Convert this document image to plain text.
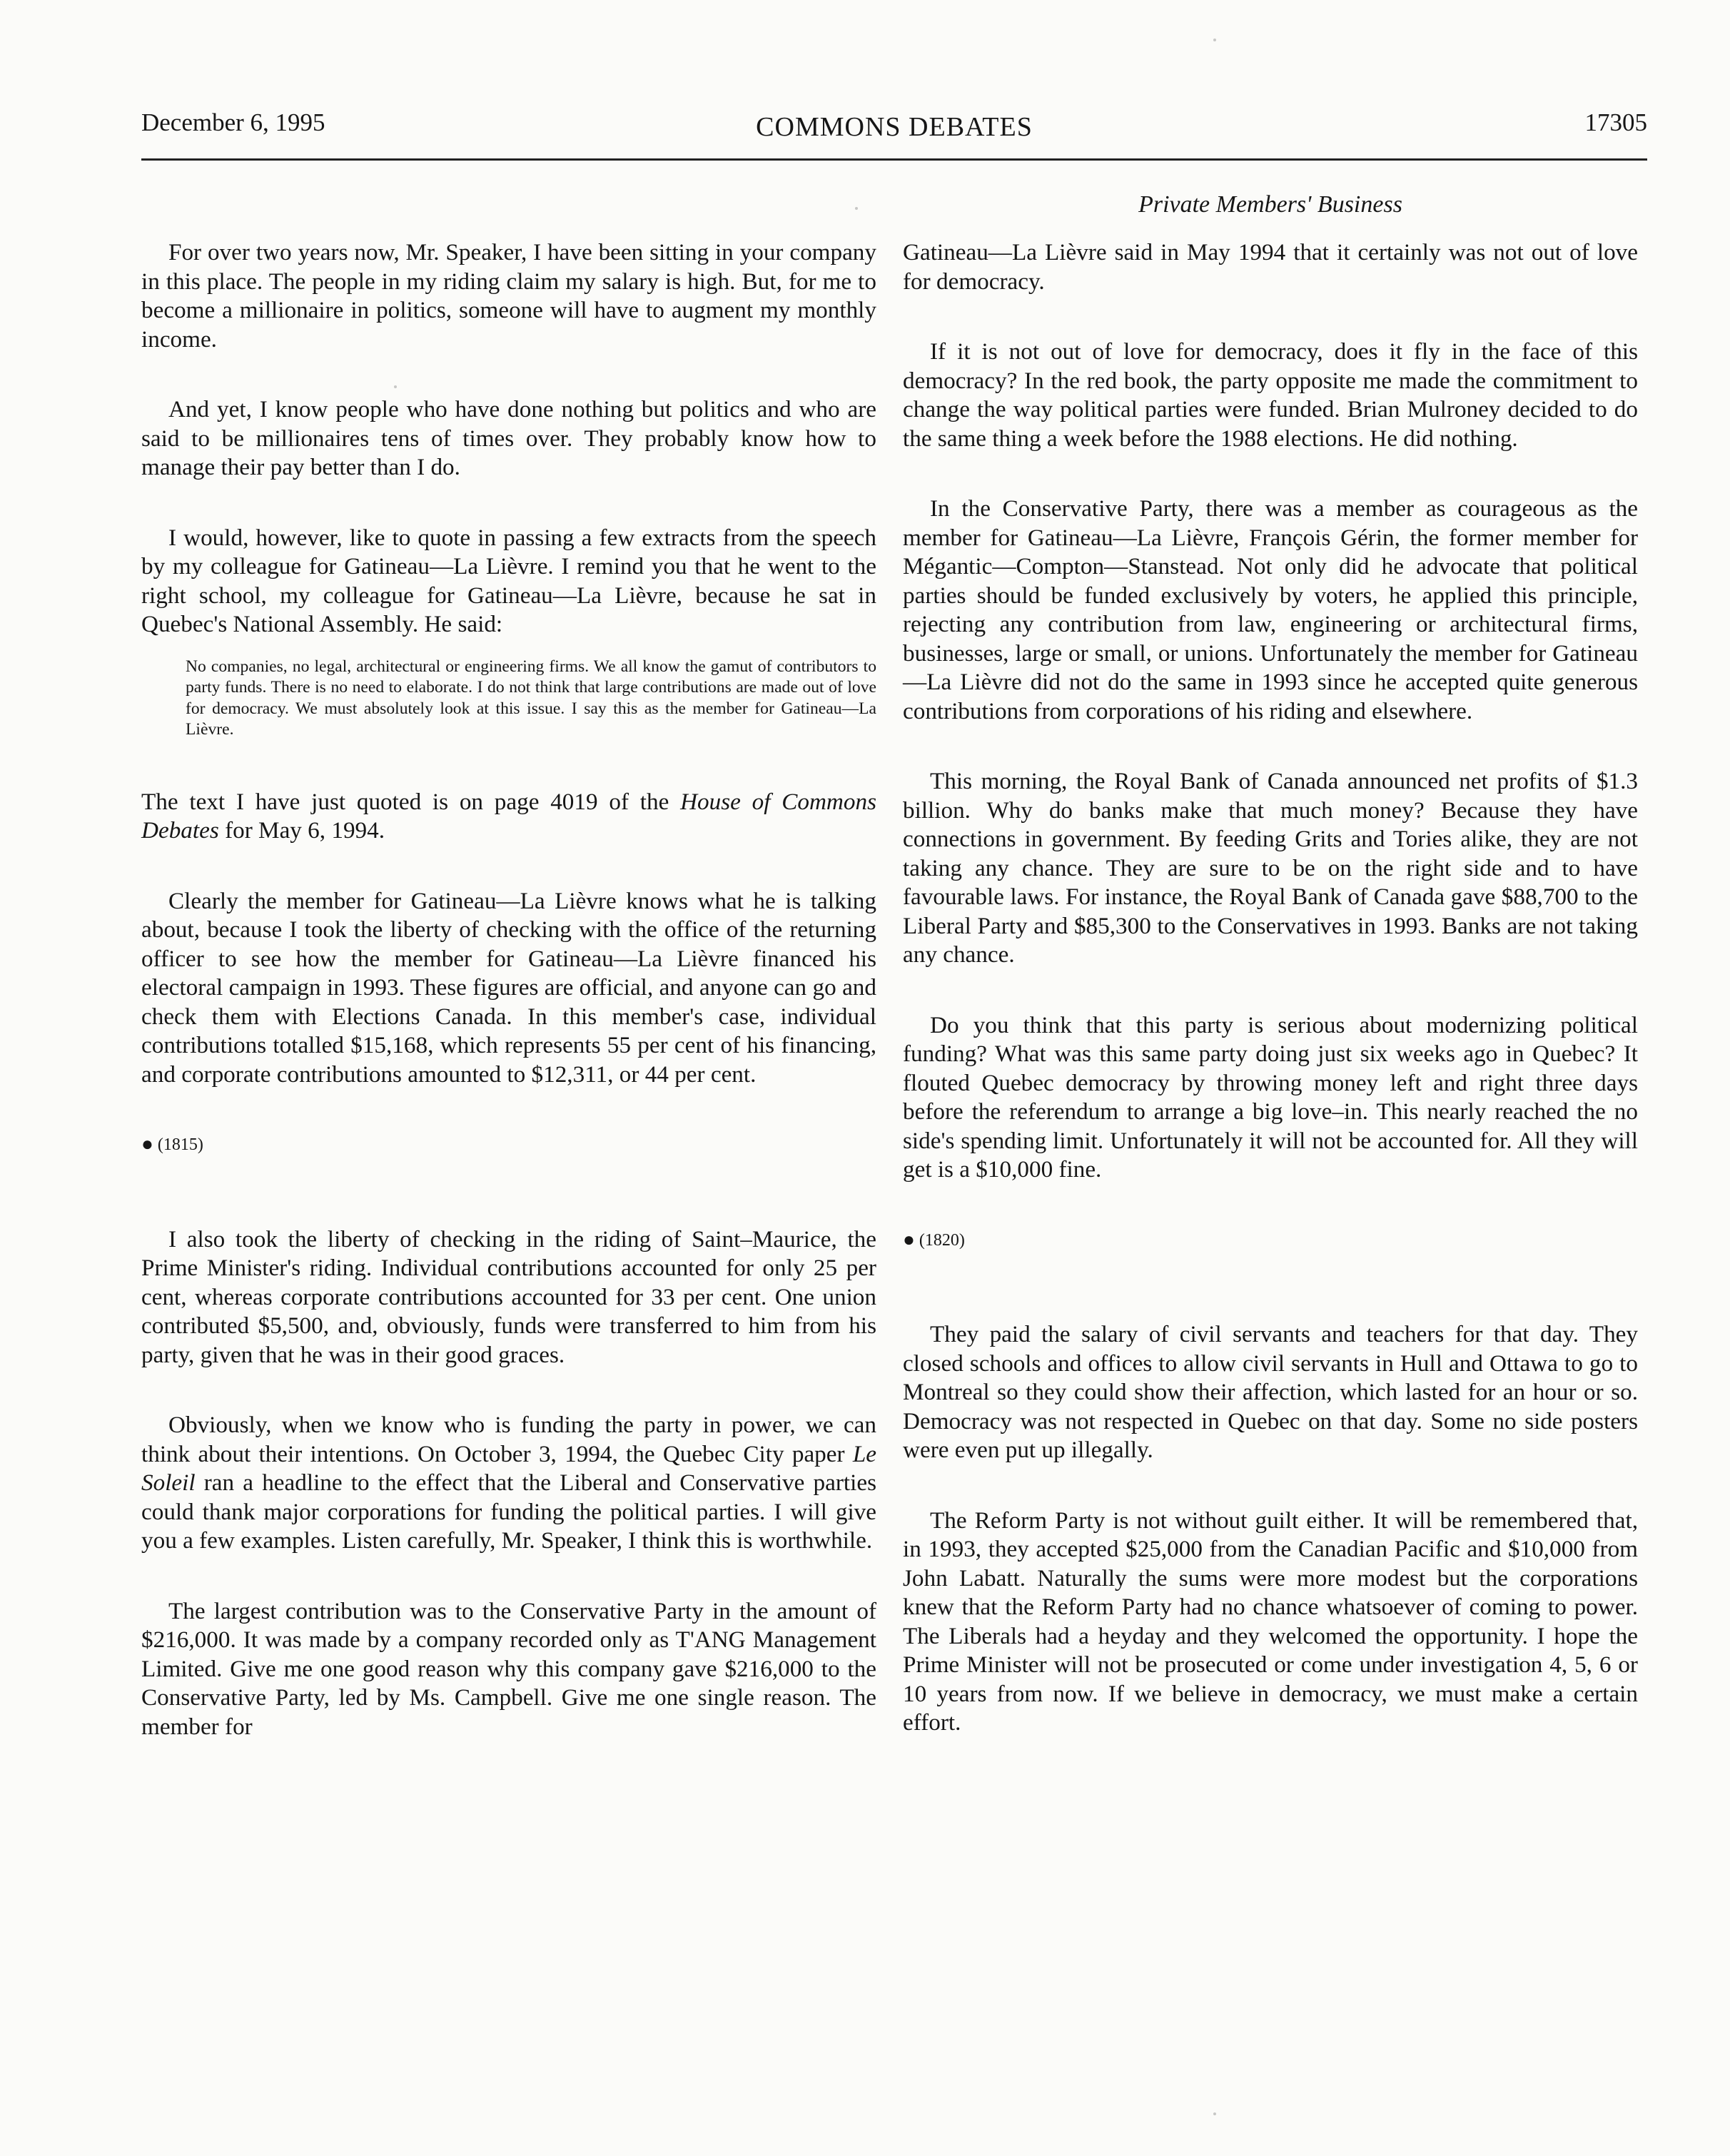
December 6, 1995	COMMONS DEBATES	17305
Private Members' Business

For over two years now, Mr. Speaker, I have been sitting in your company in this place. The people in my riding claim my salary is high. But, for me to become a millionaire in politics, someone will have to augment my monthly income.

And yet, I know people who have done nothing but politics and who are said to be millionaires tens of times over. They probably know how to manage their pay better than I do.

I would, however, like to quote in passing a few extracts from the speech by my colleague for Gatineau—La Lièvre. I remind you that he went to the right school, my colleague for Gatineau—La Lièvre, because he sat in Quebec's National Assembly. He said:

No companies, no legal, architectural or engineering firms. We all know the gamut of contributors to party funds. There is no need to elaborate. I do not think that large contributions are made out of love for democracy. We must absolutely look at this issue. I say this as the member for Gatineau—La Lièvre.

The text I have just quoted is on page 4019 of the House of Commons Debates for May 6, 1994.

Clearly the member for Gatineau—La Lièvre knows what he is talking about, because I took the liberty of checking with the office of the returning officer to see how the member for Gatineau—La Lièvre financed his electoral campaign in 1993. These figures are official, and anyone can go and check them with Elections Canada. In this member's case, individual contributions totalled $15,168, which represents 55 per cent of his financing, and corporate contributions amounted to $12,311, or 44 per cent.

● (1815)

I also took the liberty of checking in the riding of Saint–Maurice, the Prime Minister's riding. Individual contributions accounted for only 25 per cent, whereas corporate contributions accounted for 33 per cent. One union contributed $5,500, and, obviously, funds were transferred to him from his party, given that he was in their good graces.

Obviously, when we know who is funding the party in power, we can think about their intentions. On October 3, 1994, the Quebec City paper Le Soleil ran a headline to the effect that the Liberal and Conservative parties could thank major corporations for funding the political parties. I will give you a few examples. Listen carefully, Mr. Speaker, I think this is worthwhile.

The largest contribution was to the Conservative Party in the amount of $216,000. It was made by a company recorded only as T'ANG Management Limited. Give me one good reason why this company gave $216,000 to the Conservative Party, led by Ms. Campbell. Give me one single reason. The member for

Gatineau—La Lièvre said in May 1994 that it certainly was not out of love for democracy.

If it is not out of love for democracy, does it fly in the face of this democracy? In the red book, the party opposite me made the commitment to change the way political parties were funded. Brian Mulroney decided to do the same thing a week before the 1988 elections. He did nothing.

In the Conservative Party, there was a member as courageous as the member for Gatineau—La Lièvre, François Gérin, the former member for Mégantic—Compton—Stanstead. Not only did he advocate that political parties should be funded exclusively by voters, he applied this principle, rejecting any contribution from law, engineering or architectural firms, businesses, large or small, or unions. Unfortunately the member for Gatineau—La Lièvre did not do the same in 1993 since he accepted quite generous contributions from corporations of his riding and elsewhere.

This morning, the Royal Bank of Canada announced net profits of $1.3 billion. Why do banks make that much money? Because they have connections in government. By feeding Grits and Tories alike, they are not taking any chance. They are sure to be on the right side and to have favourable laws. For instance, the Royal Bank of Canada gave $88,700 to the Liberal Party and $85,300 to the Conservatives in 1993. Banks are not taking any chance.

Do you think that this party is serious about modernizing political funding? What was this same party doing just six weeks ago in Quebec? It flouted Quebec democracy by throwing money left and right three days before the referendum to arrange a big love–in. This nearly reached the no side's spending limit. Unfortunately it will not be accounted for. All they will get is a $10,000 fine.

● (1820)

They paid the salary of civil servants and teachers for that day. They closed schools and offices to allow civil servants in Hull and Ottawa to go to Montreal so they could show their affection, which lasted for an hour or so. Democracy was not respected in Quebec on that day. Some no side posters were even put up illegally.

The Reform Party is not without guilt either. It will be remembered that, in 1993, they accepted $25,000 from the Canadian Pacific and $10,000 from John Labatt. Naturally the sums were more modest but the corporations knew that the Reform Party had no chance whatsoever of coming to power. The Liberals had a heyday and they welcomed the opportunity. I hope the Prime Minister will not be prosecuted or come under investigation 4, 5, 6 or 10 years from now. If we believe in democracy, we must make a certain effort.
